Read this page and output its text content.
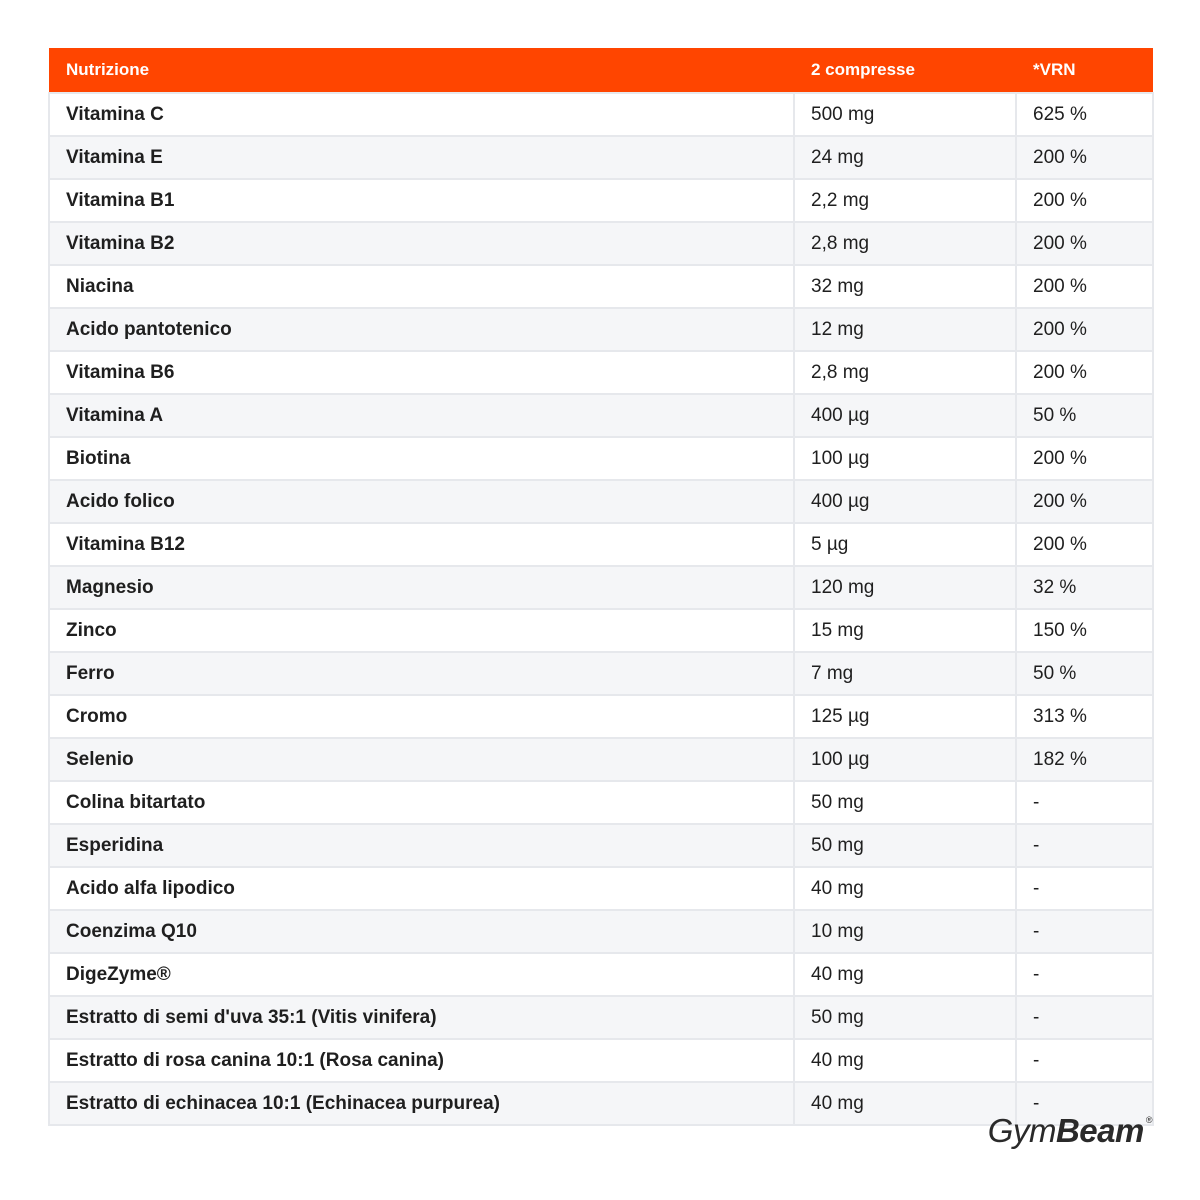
Nutrizione	2 compresse	*VRN
Vitamina C	500 mg	625 %
Vitamina E	24 mg	200 %
Vitamina B1	2,2 mg	200 %
Vitamina B2	2,8 mg	200 %
Niacina	32 mg	200 %
Acido pantotenico	12 mg	200 %
Vitamina B6	2,8 mg	200 %
Vitamina A	400 µg	50 %
Biotina	100 µg	200 %
Acido folico	400 µg	200 %
Vitamina B12	5 µg	200 %
Magnesio	120 mg	32 %
Zinco	15 mg	150 %
Ferro	7 mg	50 %
Cromo	125 µg	313 %
Selenio	100 µg	182 %
Colina bitartato	50 mg	-
Esperidina	50 mg	-
Acido alfa lipodico	40 mg	-
Coenzima Q10	10 mg	-
DigeZyme®	40 mg	-
Estratto di semi d'uva 35:1 (Vitis vinifera)	50 mg	-
Estratto di rosa canina 10:1 (Rosa canina)	40 mg	-
Estratto di echinacea 10:1 (Echinacea purpurea)	40 mg	-
Gym Beam ®
